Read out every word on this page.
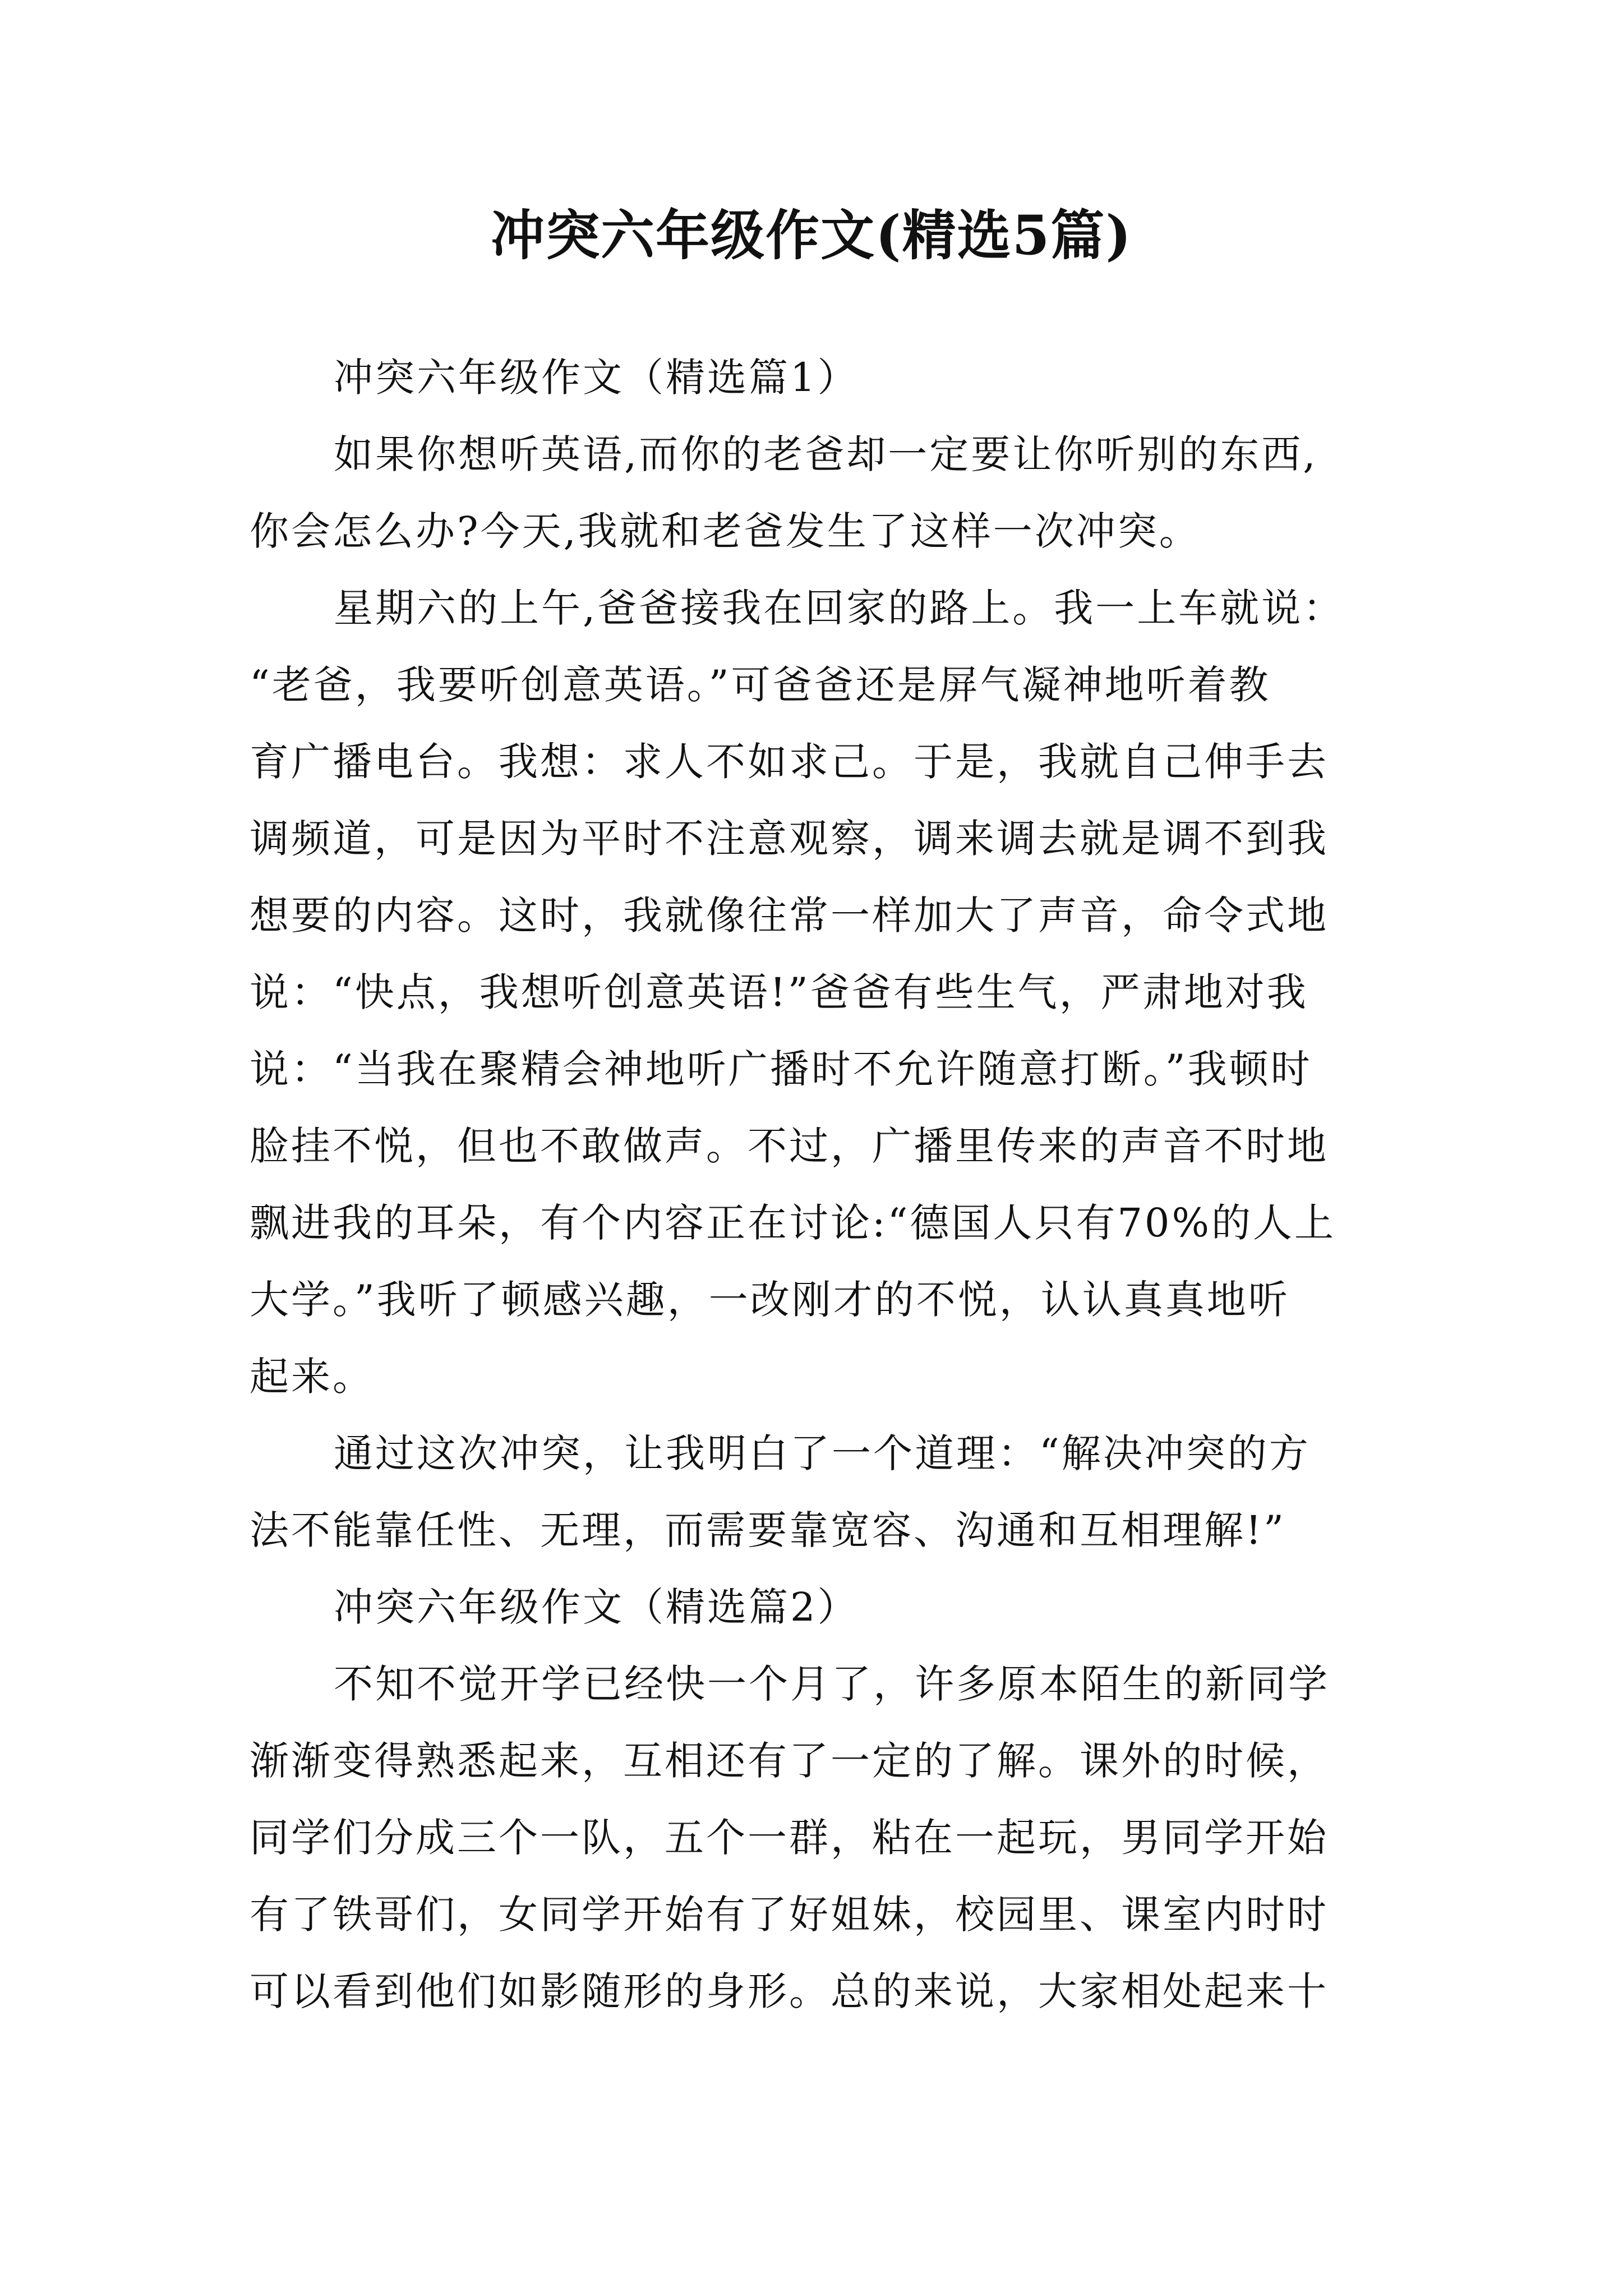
冲突六年级作文(精选5篇)
冲突六年级作文（精选篇1）
如果你想听英语,而你的老爸却一定要让你听别的东西,
你会怎么办?今天,我就和老爸发生了这样一次冲突。
星期六的上午,爸爸接我在回家的路上。我一上车就说：
“老爸，我要听创意英语。”可爸爸还是屏气凝神地听着教
育广播电台。我想：求人不如求己。于是，我就自己伸手去
调频道，可是因为平时不注意观察，调来调去就是调不到我
想要的内容。这时，我就像往常一样加大了声音，命令式地
说：“快点，我想听创意英语!”爸爸有些生气，严肃地对我
说：“当我在聚精会神地听广播时不允许随意打断。”我顿时
脸挂不悦，但也不敢做声。不过，广播里传来的声音不时地
飘进我的耳朵，有个内容正在讨论:“德国人只有70%的人上
大学。”我听了顿感兴趣，一改刚才的不悦，认认真真地听
起来。
通过这次冲突，让我明白了一个道理：“解决冲突的方
法不能靠任性、无理，而需要靠宽容、沟通和互相理解!”
冲突六年级作文（精选篇2）
不知不觉开学已经快一个月了，许多原本陌生的新同学
渐渐变得熟悉起来，互相还有了一定的了解。课外的时候，
同学们分成三个一队，五个一群，粘在一起玩，男同学开始
有了铁哥们，女同学开始有了好姐妹，校园里、课室内时时
可以看到他们如影随形的身形。总的来说，大家相处起来十
